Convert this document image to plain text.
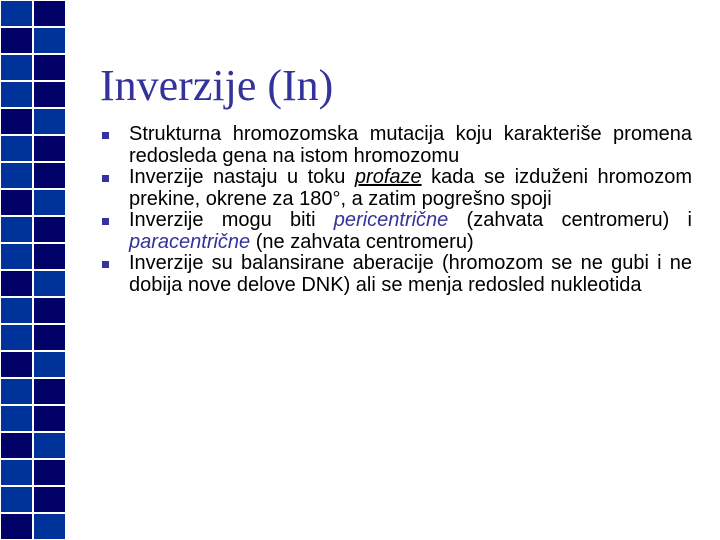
Inverzije (In)
Strukturna hromozomska mutacija koju karakteriše promena redosleda gena na istom hromozomu
Inverzije nastaju u toku profaze kada se izduženi hromozom prekine, okrene za 180°, a zatim pogrešno spoji
Inverzije mogu biti pericentrične (zahvata centromeru) i paracentrične (ne zahvata centromeru)
Inverzije su balansirane aberacije (hromozom se ne gubi i ne dobija nove delove DNK) ali se menja redosled nukleotida
